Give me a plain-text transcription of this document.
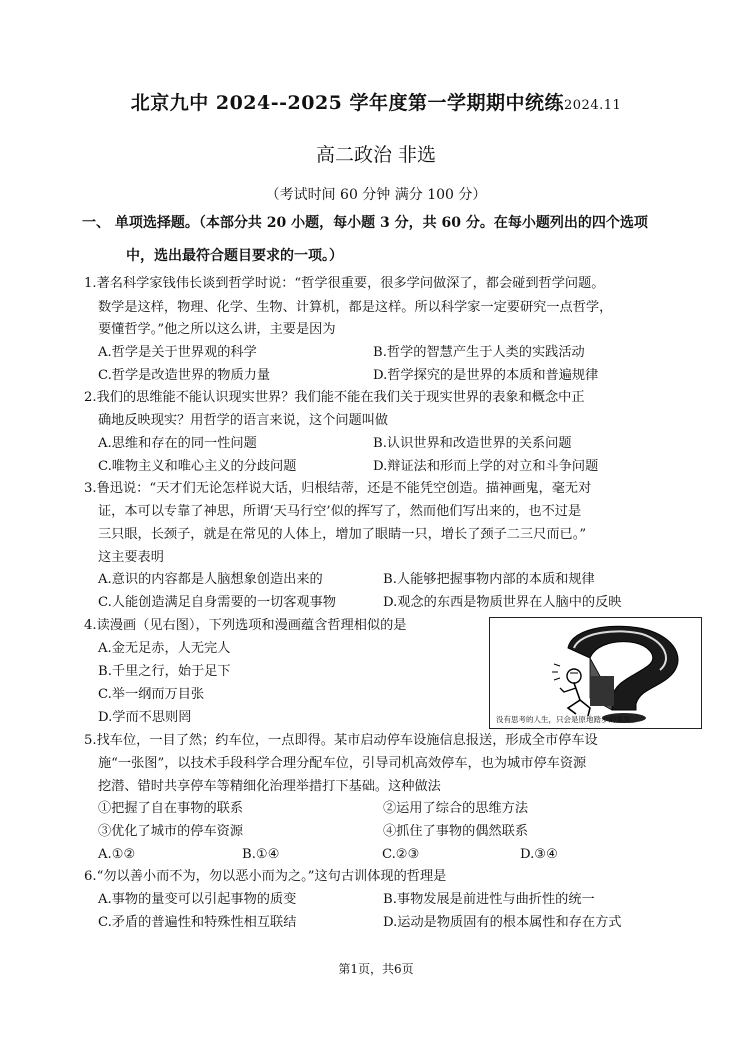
北京九中 2024--2025 学年度第一学期期中统练2024.11
高二政治 非选
（考试时间 60 分钟 满分 100 分）
一、 单项选择题。（本部分共 20 小题，每小题 3 分，共 60 分。在每小题列出的四个选项
中，选出最符合题目要求的一项。）
1.著名科学家钱伟长谈到哲学时说：“哲学很重要，很多学问做深了，都会碰到哲学问题。
数学是这样，物理、化学、生物、计算机，都是这样。所以科学家一定要研究一点哲学，
要懂哲学。”他之所以这么讲，主要是因为
A.哲学是关于世界观的科学	B.哲学的智慧产生于人类的实践活动
C.哲学是改造世界的物质力量	D.哲学探究的是世界的本质和普遍规律
2.我们的思维能不能认识现实世界？我们能不能在我们关于现实世界的表象和概念中正
确地反映现实？用哲学的语言来说，这个问题叫做
A.思维和存在的同一性问题	B.认识世界和改造世界的关系问题
C.唯物主义和唯心主义的分歧问题	D.辩证法和形而上学的对立和斗争问题
3.鲁迅说：“天才们无论怎样说大话，归根结蒂，还是不能凭空创造。描神画鬼，毫无对
证，本可以专靠了神思，所谓‘天马行空’似的挥写了，然而他们写出来的，也不过是
三只眼，长颈子，就是在常见的人体上，增加了眼睛一只，增长了颈子二三尺而已。”
这主要表明
A.意识的内容都是人脑想象创造出来的	B.人能够把握事物内部的本质和规律
C.人能创造满足自身需要的一切客观事物	D.观念的东西是物质世界在人脑中的反映
4.读漫画（见右图），下列选项和漫画蕴含哲理相似的是
A.金无足赤，人无完人
B.千里之行，始于足下
C.举一纲而万目张
D.学而不思则罔	没有思考的人生，只会是原地踏步的重复。
5.找车位，一目了然；约车位，一点即得。某市启动停车设施信息报送，形成全市停车设
施“一张图”，以技术手段科学合理分配车位，引导司机高效停车，也为城市停车资源
挖潜、错时共享停车等精细化治理举措打下基础。这种做法
①把握了自在事物的联系	②运用了综合的思维方法
③优化了城市的停车资源	④抓住了事物的偶然联系
A.①②	B.①④	C.②③	D.③④
6.“勿以善小而不为，勿以恶小而为之。”这句古训体现的哲理是
A.事物的量变可以引起事物的质变	B.事物发展是前进性与曲折性的统一
C.矛盾的普遍性和特殊性相互联结	D.运动是物质固有的根本属性和存在方式
第1页，共6页
